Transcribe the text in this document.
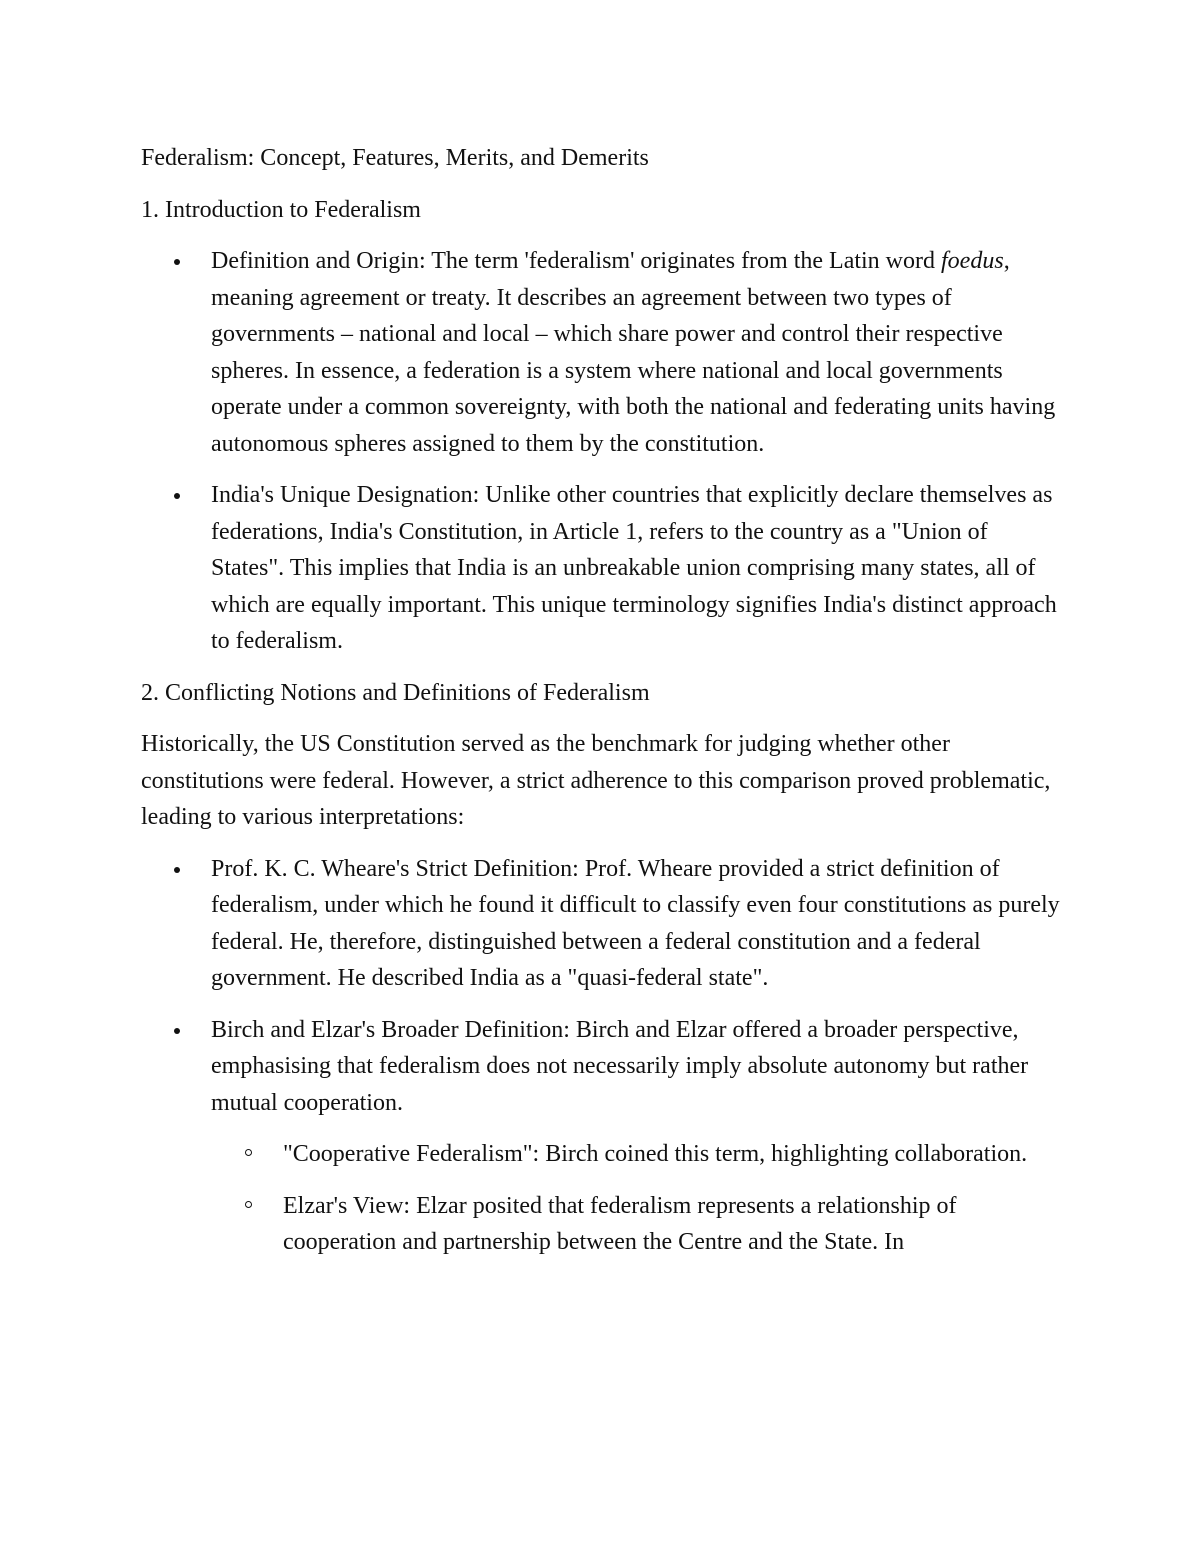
Federalism: Concept, Features, Merits, and Demerits

1. Introduction to Federalism

Definition and Origin: The term 'federalism' originates from the Latin word foedus, meaning agreement or treaty. It describes an agreement between two types of governments – national and local – which share power and control their respective spheres. In essence, a federation is a system where national and local governments operate under a common sovereignty, with both the national and federating units having autonomous spheres assigned to them by the constitution.
India's Unique Designation: Unlike other countries that explicitly declare themselves as federations, India's Constitution, in Article 1, refers to the country as a "Union of States". This implies that India is an unbreakable union comprising many states, all of which are equally important. This unique terminology signifies India's distinct approach to federalism.

2. Conflicting Notions and Definitions of Federalism

Historically, the US Constitution served as the benchmark for judging whether other constitutions were federal. However, a strict adherence to this comparison proved problematic, leading to various interpretations:

Prof. K. C. Wheare's Strict Definition: Prof. Wheare provided a strict definition of federalism, under which he found it difficult to classify even four constitutions as purely federal. He, therefore, distinguished between a federal constitution and a federal government. He described India as a "quasi-federal state".
Birch and Elzar's Broader Definition: Birch and Elzar offered a broader perspective, emphasising that federalism does not necessarily imply absolute autonomy but rather mutual cooperation.
"Cooperative Federalism": Birch coined this term, highlighting collaboration.
Elzar's View: Elzar posited that federalism represents a relationship of cooperation and partnership between the Centre and the State. In
